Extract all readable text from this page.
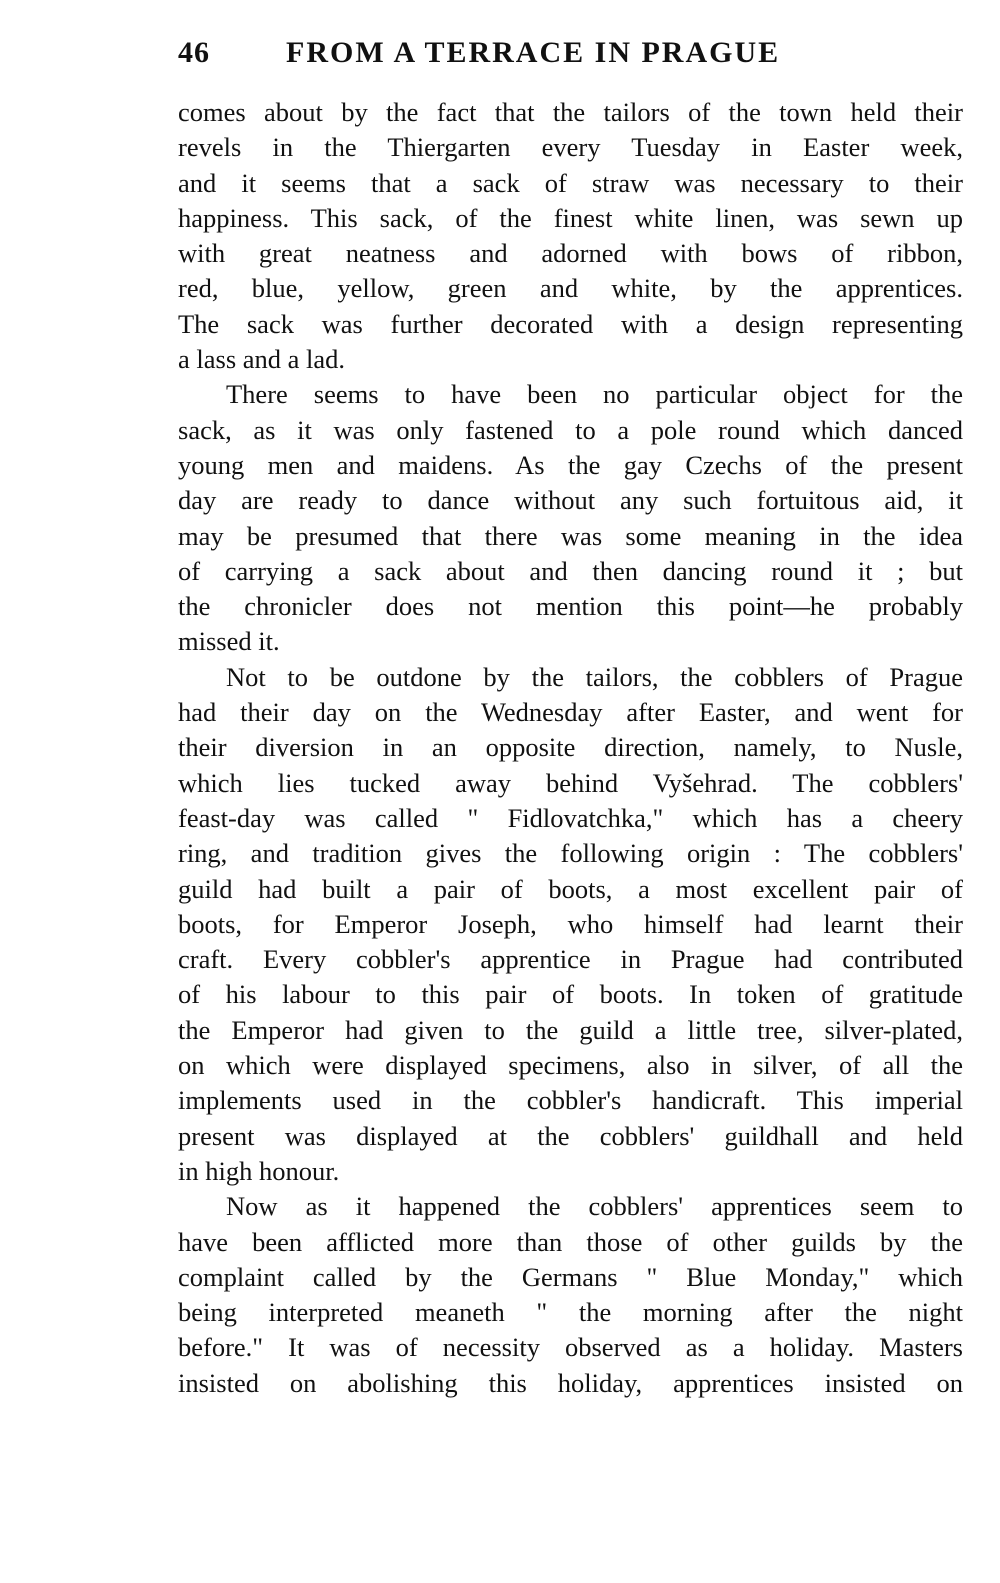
46	FROM A TERRACE IN PRAGUE
comes about by the fact that the tailors of the town held their
revels in the Thiergarten every Tuesday in Easter week,
and it seems that a sack of straw was necessary to their
happiness. This sack, of the finest white linen, was sewn up
with great neatness and adorned with bows of ribbon,
red, blue, yellow, green and white, by the apprentices.
The sack was further decorated with a design representing
a lass and a lad.
There seems to have been no particular object for the
sack, as it was only fastened to a pole round which danced
young men and maidens. As the gay Czechs of the present
day are ready to dance without any such fortuitous aid, it
may be presumed that there was some meaning in the idea
of carrying a sack about and then dancing round it ; but
the chronicler does not mention this point—he probably
missed it.
Not to be outdone by the tailors, the cobblers of Prague
had their day on the Wednesday after Easter, and went for
their diversion in an opposite direction, namely, to Nusle,
which lies tucked away behind Vyšehrad. The cobblers'
feast-day was called " Fidlovatchka," which has a cheery
ring, and tradition gives the following origin : The cobblers'
guild had built a pair of boots, a most excellent pair of
boots, for Emperor Joseph, who himself had learnt their
craft. Every cobbler's apprentice in Prague had contributed
of his labour to this pair of boots. In token of gratitude
the Emperor had given to the guild a little tree, silver-plated,
on which were displayed specimens, also in silver, of all the
implements used in the cobbler's handicraft. This imperial
present was displayed at the cobblers' guildhall and held
in high honour.
Now as it happened the cobblers' apprentices seem to
have been afflicted more than those of other guilds by the
complaint called by the Germans " Blue Monday," which
being interpreted meaneth " the morning after the night
before." It was of necessity observed as a holiday. Masters
insisted on abolishing this holiday, apprentices insisted on
